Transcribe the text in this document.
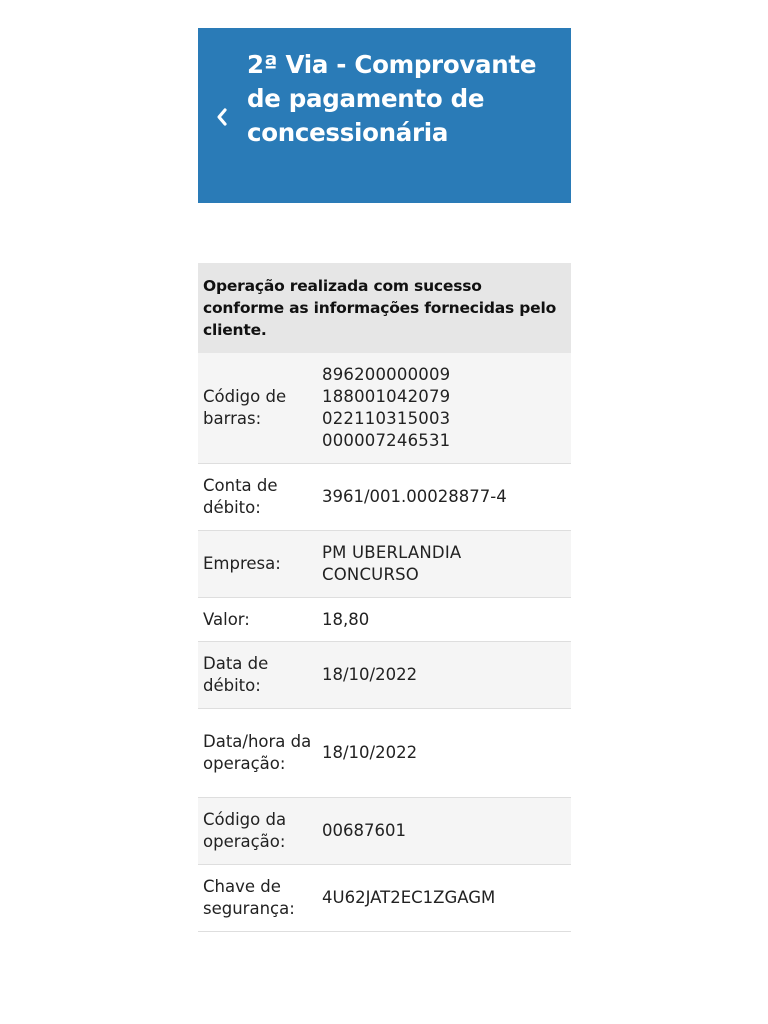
2ª Via - Comprovante de pagamento de concessionária
Operação realizada com sucesso conforme as informações fornecidas pelo cliente.
Código de barras:
896200000009
188001042079
022110315003
000007246531
Conta de débito:
3961/001.00028877-4
Empresa:
PM UBERLANDIA
CONCURSO
Valor:	18,80
Data de débito:
18/10/2022
Data/hora da operação:
18/10/2022
Código da operação:
00687601
Chave de segurança:
4U62JAT2EC1ZGAGM
